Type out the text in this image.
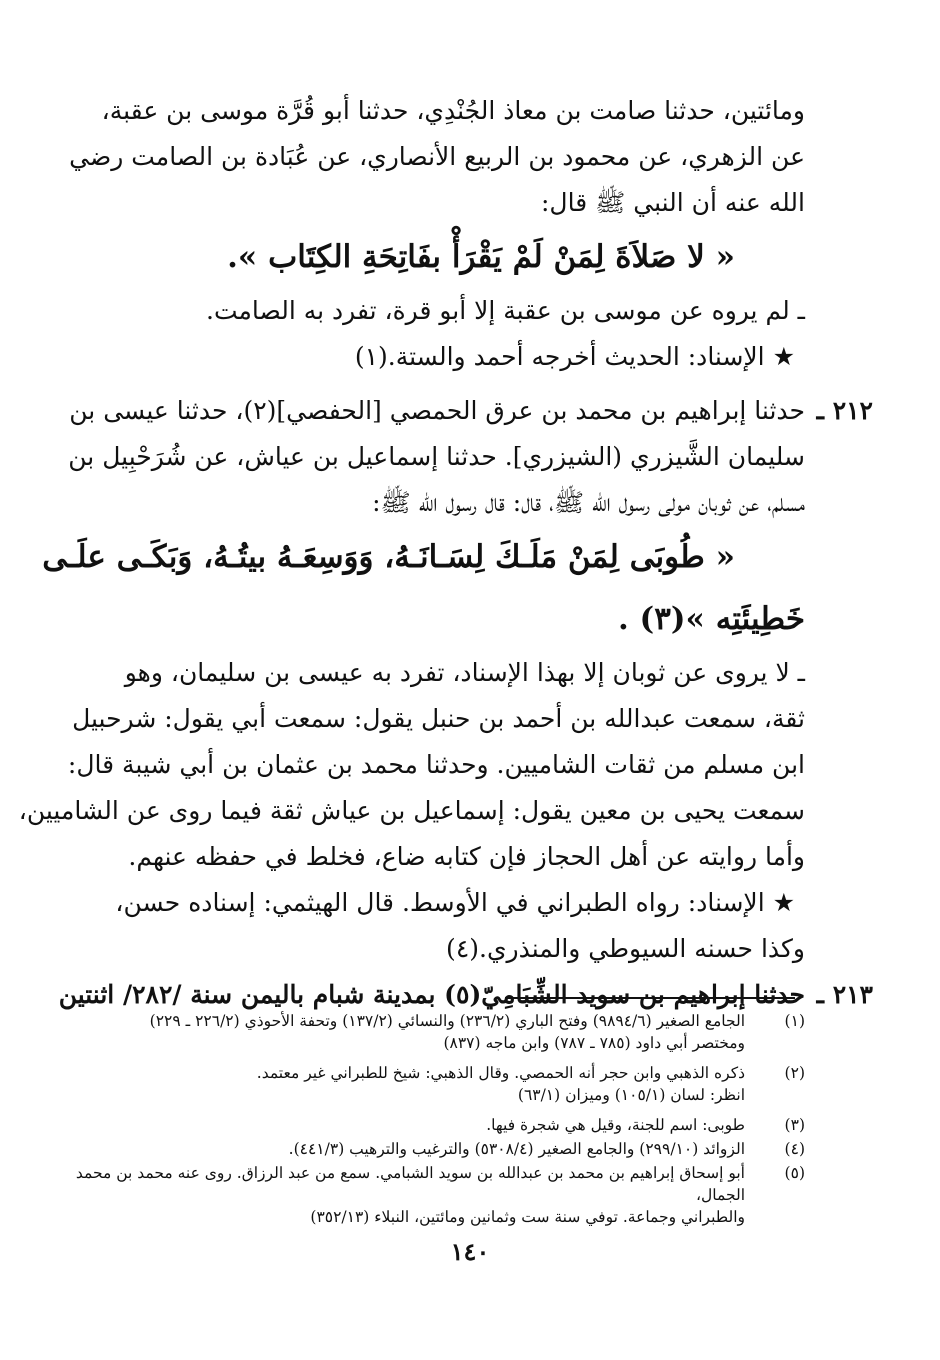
ومائتين، حدثنا صامت بن معاذ الجُنْدِي، حدثنا أبو قُرَّة موسى بن عقبة،
عن الزهري، عن محمود بن الربيع الأنصاري، عن عُبَادة بن الصامت رضي
الله عنه أن النبي ﷺ قال:
« لا صَلاَةَ لِمَنْ لَمْ يَقْرَأْ بفَاتِحَةِ الكِتَاب ».
ـ لم يروه عن موسى بن عقبة إلا أبو قرة، تفرد به الصامت.
★ الإسناد: الحديث أخرجه أحمد والستة.(١)
٢١٢ ـ
حدثنا إبراهيم بن محمد بن عرق الحمصي [الحفصي](٢)، حدثنا عيسى بن
سليمان الشَّيزري (الشيزري]. حدثنا إسماعيل بن عياش، عن شُرَحْبِيل بن
مسلم، عن ثوبان مولى رسول الله ﷺ، قال: قال رسول الله ﷺ:
« طُوبَى لِمَنْ مَلَـكَ لِسَـانَـهُ، وَوَسِعَـهُ بيتُـهُ، وَبَكَـى علَـى
خَطِيئَتِه »(٣) .
ـ لا يروى عن ثوبان إلا بهذا الإسناد، تفرد به عيسى بن سليمان، وهو
ثقة، سمعت عبدالله بن أحمد بن حنبل يقول: سمعت أبي يقول: شرحبيل
ابن مسلم من ثقات الشاميين. وحدثنا محمد بن عثمان بن أبي شيبة قال:
سمعت يحيى بن معين يقول: إسماعيل بن عياش ثقة فيما روى عن الشاميين،
وأما روايته عن أهل الحجاز فإن كتابه ضاع، فخلط في حفظه عنهم.
★ الإسناد: رواه الطبراني في الأوسط. قال الهيثمي: إسناده حسن،
وكذا حسنه السيوطي والمنذري.(٤)
٢١٣ ـ
حدثنا إبراهيم بن سويد الشِّبَامِيّ(٥) بمدينة شبام باليمن سنة /٢٨٢/ اثنتين
(١)
الجامع الصغير (٩٨٩٤/٦) وفتح الباري (٢٣٦/٢) والنسائي (١٣٧/٢) وتحفة الأحوذي (٢٢٦/٢ ـ ٢٢٩)
ومختصر أبي داود (٧٨٥ ـ ٧٨٧) وابن ماجه (٨٣٧)
(٢)
ذكره الذهبي وابن حجر أنه الحمصي. وقال الذهبي: شيخ للطبراني غير معتمد.
انظر: لسان (١٠٥/١) وميزان (٦٣/١)
(٣)
طوبى: اسم للجنة، وقيل هي شجرة فيها.
(٤)
الزوائد (٢٩٩/١٠) والجامع الصغير (٥٣٠٨/٤) والترغيب والترهيب (٤٤١/٣).
(٥)
أبو إسحاق إبراهيم بن محمد بن عبدالله بن سويد الشبامي. سمع من عبد الرزاق. روى عنه محمد بن محمد الجمال،
والطبراني وجماعة. توفي سنة ست وثمانين ومائتين، النبلاء (٣٥٢/١٣)
١٤٠
